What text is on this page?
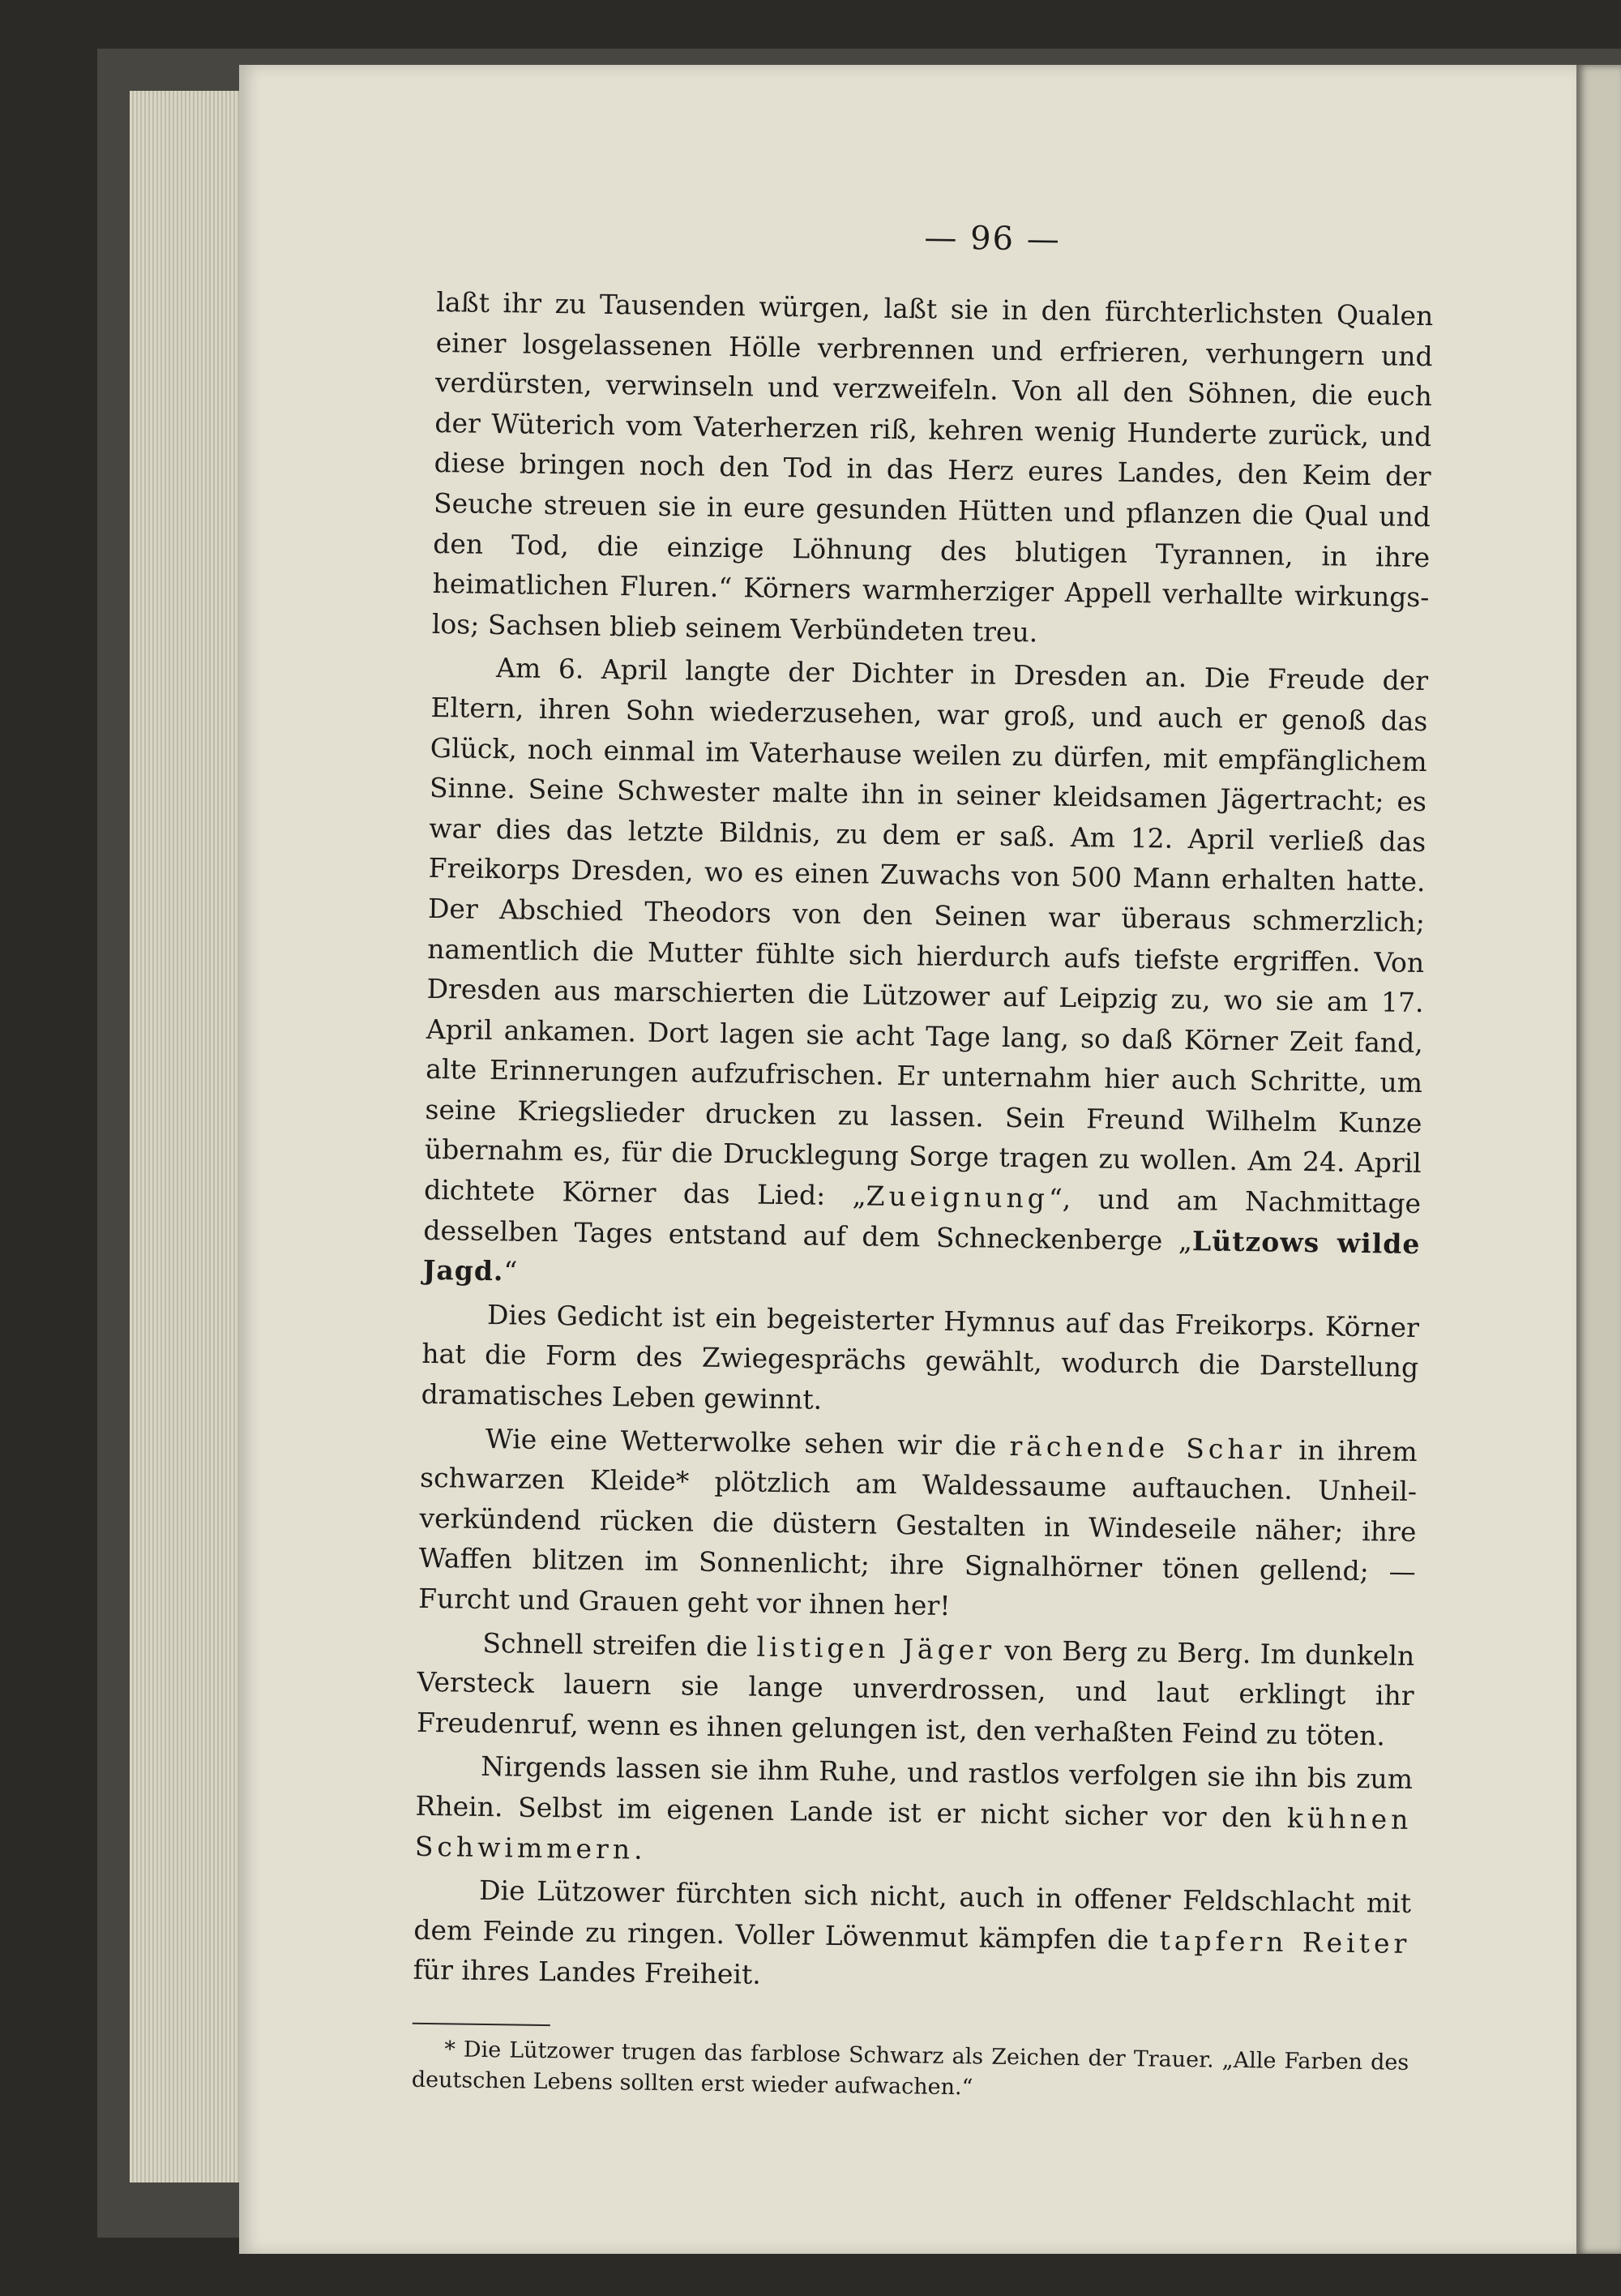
— 96 —

laßt ihr zu Tausenden würgen, laßt sie in den fürchterlichsten Qualen einer losgelassenen Hölle verbrennen und erfrieren, verhungern und verdürsten, verwinseln und verzweifeln. Von all den Söhnen, die euch der Wüterich vom Vaterherzen riß, kehren wenig Hunderte zurück, und diese bringen noch den Tod in das Herz eures Landes, den Keim der Seuche streuen sie in eure gesunden Hütten und pflanzen die Qual und den Tod, die einzige Löhnung des blutigen Tyrannen, in ihre heimatlichen Fluren.“ Körners warmherziger Appell verhallte wirkungslos; Sachsen blieb seinem Verbündeten treu.

Am 6. April langte der Dichter in Dresden an. Die Freude der Eltern, ihren Sohn wiederzusehen, war groß, und auch er genoß das Glück, noch einmal im Vaterhause weilen zu dürfen, mit empfänglichem Sinne. Seine Schwester malte ihn in seiner kleidsamen Jägertracht; es war dies das letzte Bildnis, zu dem er saß. Am 12. April verließ das Freikorps Dresden, wo es einen Zuwachs von 500 Mann erhalten hatte. Der Abschied Theodors von den Seinen war überaus schmerzlich; namentlich die Mutter fühlte sich hierdurch aufs tiefste ergriffen. Von Dresden aus marschierten die Lützower auf Leipzig zu, wo sie am 17. April ankamen. Dort lagen sie acht Tage lang, so daß Körner Zeit fand, alte Erinnerungen aufzufrischen. Er unternahm hier auch Schritte, um seine Kriegslieder drucken zu lassen. Sein Freund Wilhelm Kunze übernahm es, für die Drucklegung Sorge tragen zu wollen. Am 24. April dichtete Körner das Lied: „Zueignung“, und am Nachmittage desselben Tages entstand auf dem Schneckenberge „Lützows wilde Jagd.“

Dies Gedicht ist ein begeisterter Hymnus auf das Freikorps. Körner hat die Form des Zwiegesprächs gewählt, wodurch die Darstellung dramatisches Leben gewinnt.

Wie eine Wetterwolke sehen wir die rächende Schar in ihrem schwarzen Kleide* plötzlich am Waldessaume auftauchen. Unheilverkündend rücken die düstern Gestalten in Windeseile näher; ihre Waffen blitzen im Sonnenlicht; ihre Signalhörner tönen gellend; — Furcht und Grauen geht vor ihnen her!

Schnell streifen die listigen Jäger von Berg zu Berg. Im dunkeln Versteck lauern sie lange unverdrossen, und laut erklingt ihr Freudenruf, wenn es ihnen gelungen ist, den verhaßten Feind zu töten.

Nirgends lassen sie ihm Ruhe, und rastlos verfolgen sie ihn bis zum Rhein. Selbst im eigenen Lande ist er nicht sicher vor den kühnen Schwimmern.

Die Lützower fürchten sich nicht, auch in offener Feldschlacht mit dem Feinde zu ringen. Voller Löwenmut kämpfen die tapfern Reiter für ihres Landes Freiheit.

* Die Lützower trugen das farblose Schwarz als Zeichen der Trauer. „Alle Farben des deutschen Lebens sollten erst wieder aufwachen.“
